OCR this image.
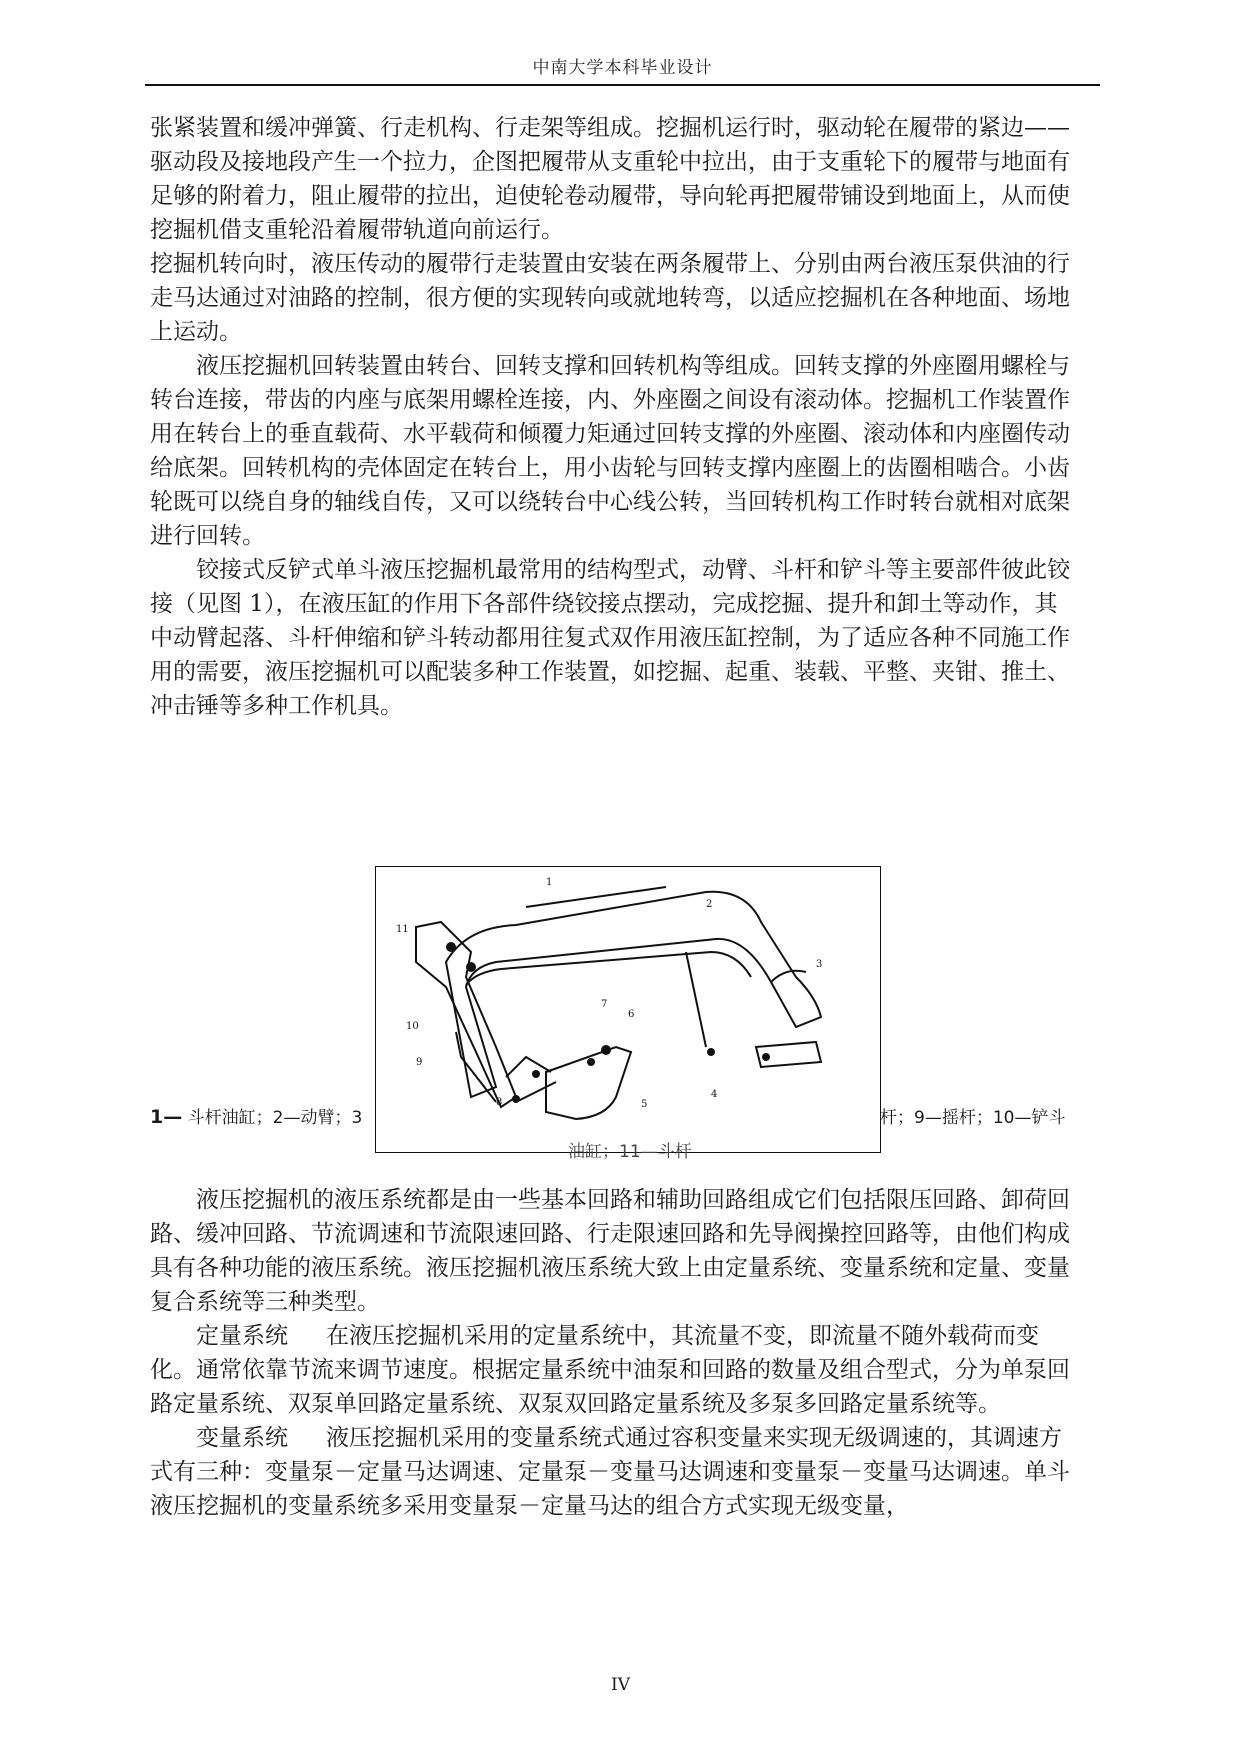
中南大学本科毕业设计

张紧装置和缓冲弹簧、行走机构、行走架等组成。挖掘机运行时，驱动轮在履带的紧边——驱动段及接地段产生一个拉力，企图把履带从支重轮中拉出，由于支重轮下的履带与地面有足够的附着力，阻止履带的拉出，迫使轮卷动履带，导向轮再把履带铺设到地面上，从而使挖掘机借支重轮沿着履带轨道向前运行。

挖掘机转向时，液压传动的履带行走装置由安装在两条履带上、分别由两台液压泵供油的行走马达通过对油路的控制，很方便的实现转向或就地转弯，以适应挖掘机在各种地面、场地上运动。

液压挖掘机回转装置由转台、回转支撑和回转机构等组成。回转支撑的外座圈用螺栓与转台连接，带齿的内座与底架用螺栓连接，内、外座圈之间设有滚动体。挖掘机工作装置作用在转台上的垂直载荷、水平载荷和倾覆力矩通过回转支撑的外座圈、滚动体和内座圈传动给底架。回转机构的壳体固定在转台上，用小齿轮与回转支撑内座圈上的齿圈相啮合。小齿轮既可以绕自身的轴线自传，又可以绕转台中心线公转，当回转机构工作时转台就相对底架进行回转。

铰接式反铲式单斗液压挖掘机最常用的结构型式，动臂、斗杆和铲斗等主要部件彼此铰接（见图 1），在液压缸的作用下各部件绕铰接点摆动，完成挖掘、提升和卸土等动作，其中动臂起落、斗杆伸缩和铲斗转动都用往复式双作用液压缸控制，为了适应各种不同施工作用的需要，液压挖掘机可以配装多种工作装置，如挖掘、起重、装载、平整、夹钳、推土、冲击锤等多种工作机具。

1
2
3
4
5
6
7
8
9
10
11
1— 斗杆油缸；2—动臂；3	杆；9—摇杆；10—铲斗
油缸；11—斗杆

液压挖掘机的液压系统都是由一些基本回路和辅助回路组成它们包括限压回路、卸荷回路、缓冲回路、节流调速和节流限速回路、行走限速回路和先导阀操控回路等，由他们构成具有各种功能的液压系统。液压挖掘机液压系统大致上由定量系统、变量系统和定量、变量复合系统等三种类型。

定量系统 在液压挖掘机采用的定量系统中，其流量不变，即流量不随外载荷而变化。通常依靠节流来调节速度。根据定量系统中油泵和回路的数量及组合型式，分为单泵回路定量系统、双泵单回路定量系统、双泵双回路定量系统及多泵多回路定量系统等。

变量系统 液压挖掘机采用的变量系统式通过容积变量来实现无级调速的，其调速方式有三种：变量泵－定量马达调速、定量泵－变量马达调速和变量泵－变量马达调速。单斗液压挖掘机的变量系统多采用变量泵－定量马达的组合方式实现无级变量，

IV
